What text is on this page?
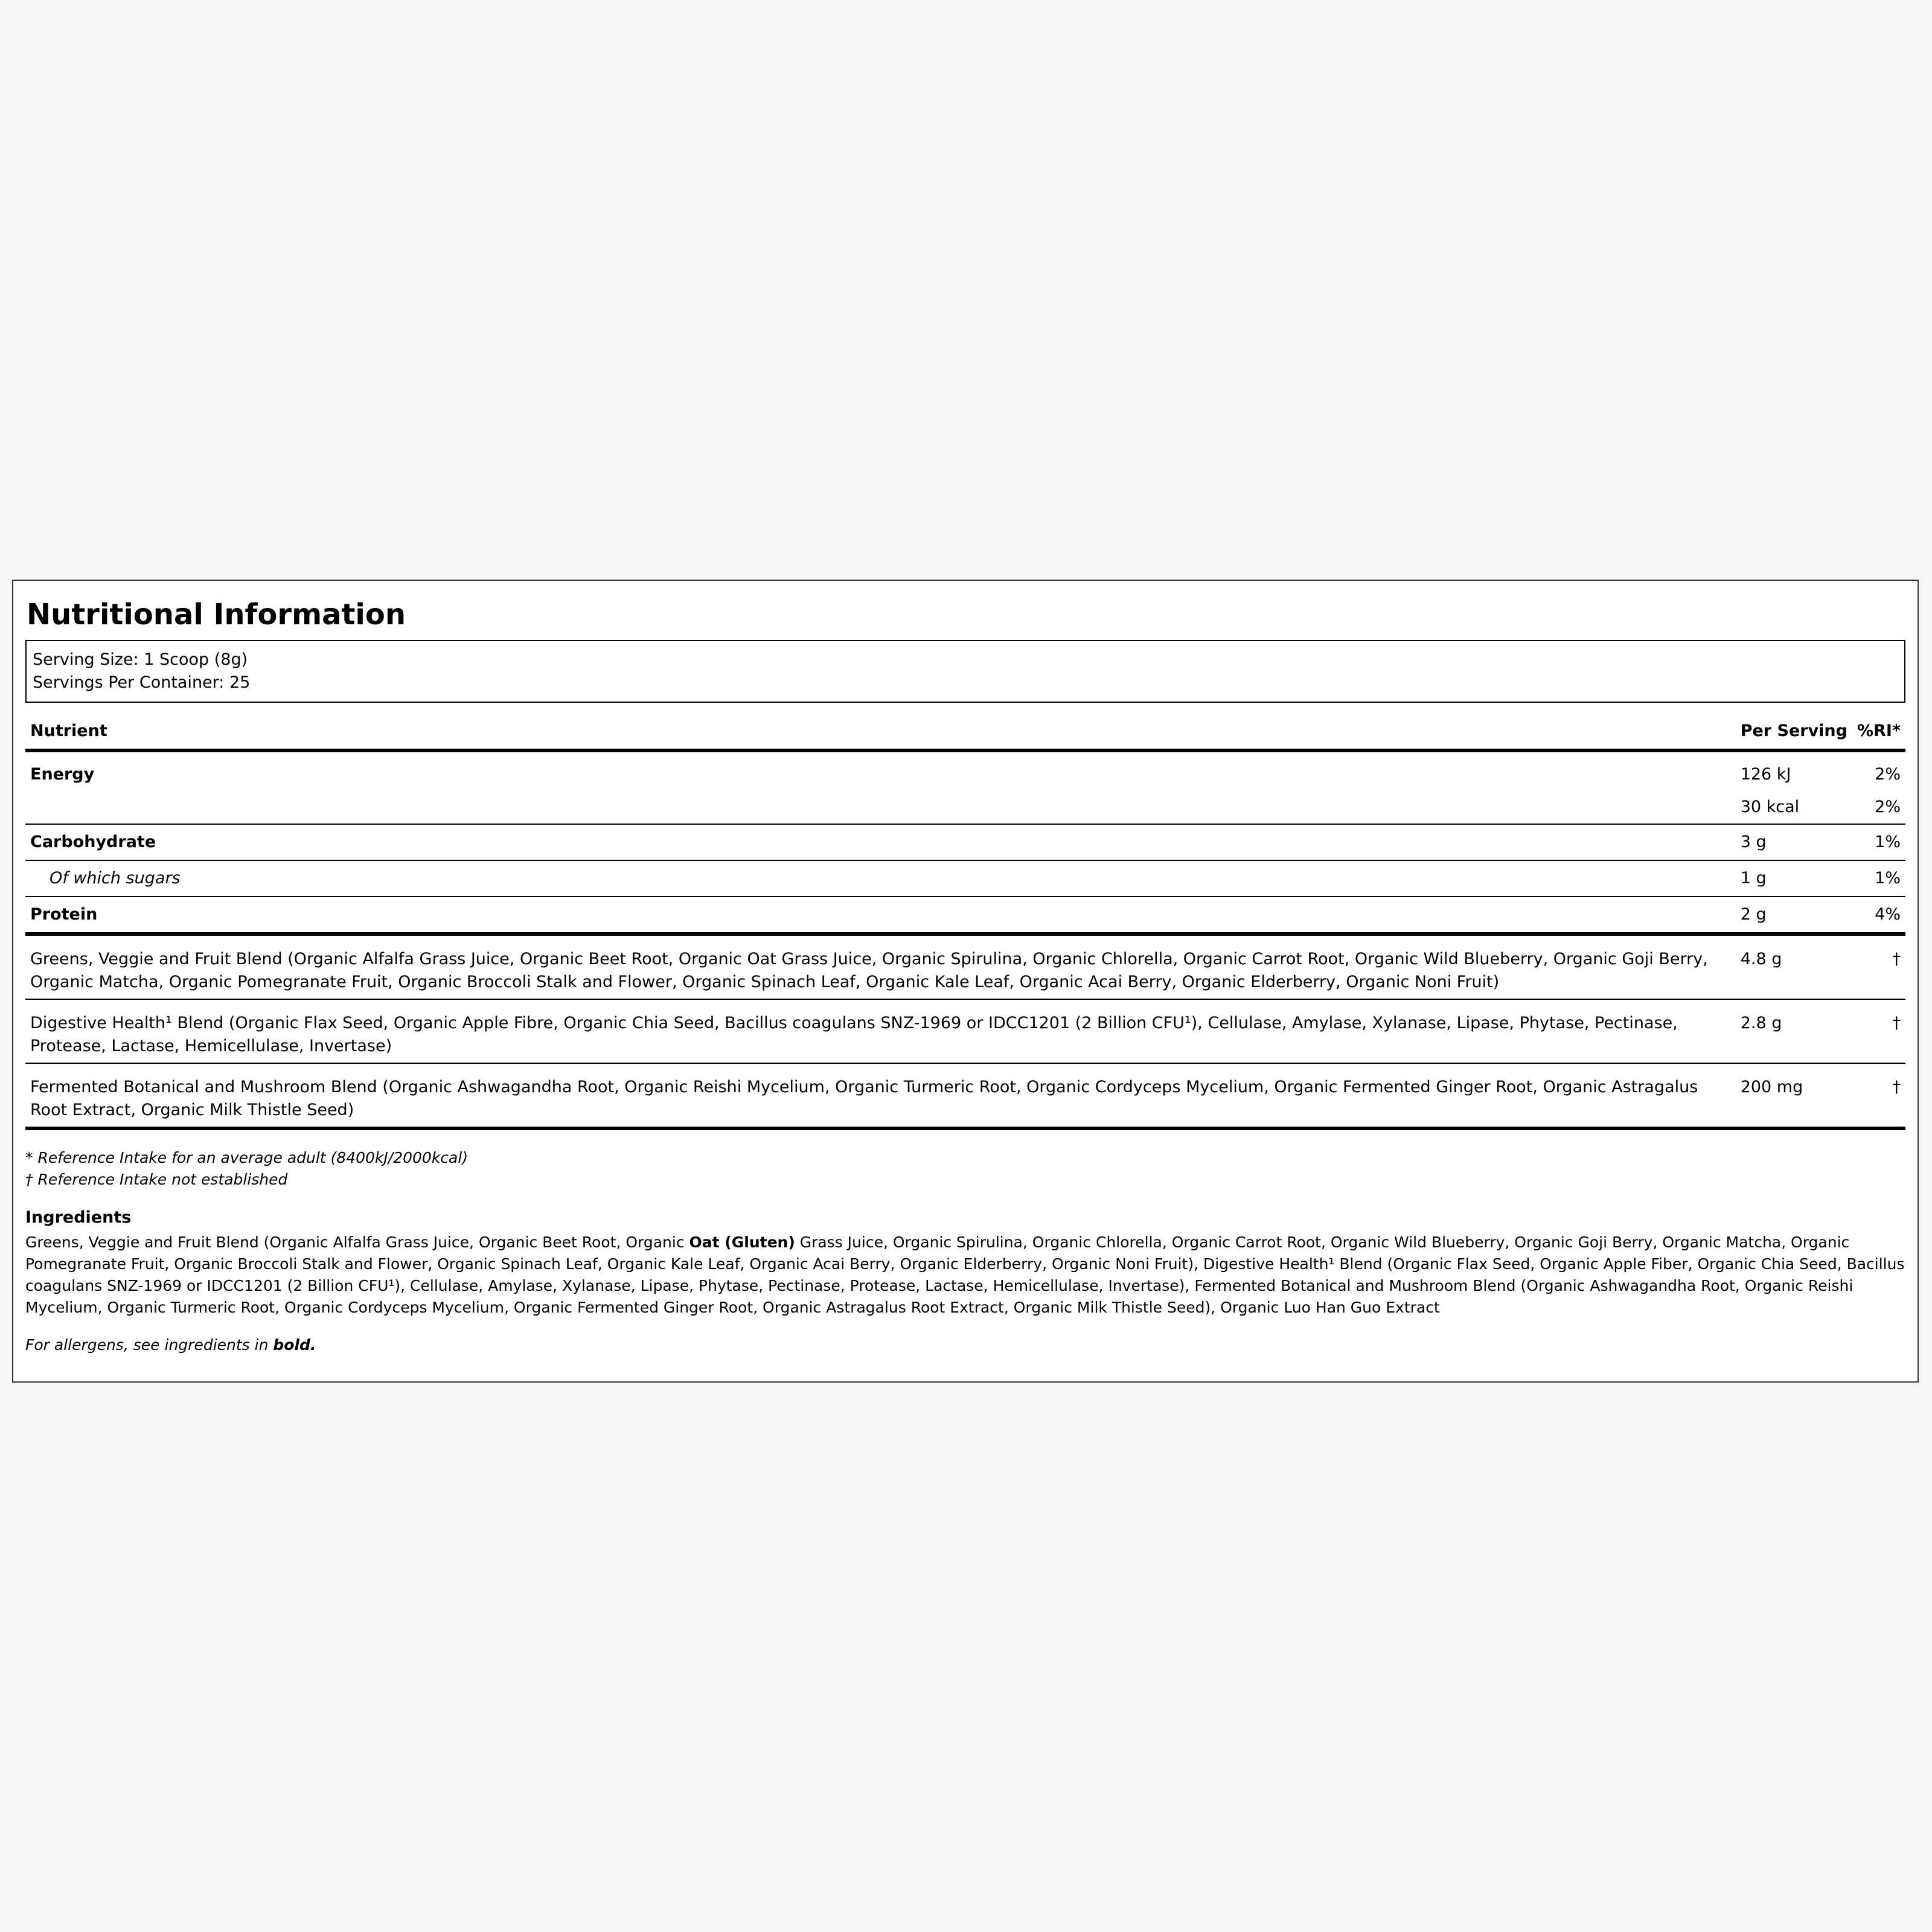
Nutritional Information
Serving Size: 1 Scoop (8g)
Servings Per Container: 25
Nutrient	Per Serving	%RI*
Energy	126 kJ	2%
	30 kcal	2%
Carbohydrate	3 g	1%
Of which sugars	1 g	1%
Protein	2 g	4%
Greens, Veggie and Fruit Blend (Organic Alfalfa Grass Juice, Organic Beet Root, Organic Oat Grass Juice, Organic Spirulina, Organic Chlorella, Organic Carrot Root, Organic Wild Blueberry, Organic Goji Berry, Organic Matcha, Organic Pomegranate Fruit, Organic Broccoli Stalk and Flower, Organic Spinach Leaf, Organic Kale Leaf, Organic Acai Berry, Organic Elderberry, Organic Noni Fruit)	4.8 g	†
Digestive Health¹ Blend (Organic Flax Seed, Organic Apple Fibre, Organic Chia Seed, Bacillus coagulans SNZ-1969 or IDCC1201 (2 Billion CFU¹), Cellulase, Amylase, Xylanase, Lipase, Phytase, Pectinase, Protease, Lactase, Hemicellulase, Invertase)	2.8 g	†
Fermented Botanical and Mushroom Blend (Organic Ashwagandha Root, Organic Reishi Mycelium, Organic Turmeric Root, Organic Cordyceps Mycelium, Organic Fermented Ginger Root, Organic Astragalus Root Extract, Organic Milk Thistle Seed)	200 mg	†
* Reference Intake for an average adult (8400kJ/2000kcal)
† Reference Intake not established
Ingredients
Greens, Veggie and Fruit Blend (Organic Alfalfa Grass Juice, Organic Beet Root, Organic Oat (Gluten) Grass Juice, Organic Spirulina, Organic Chlorella, Organic Carrot Root, Organic Wild Blueberry, Organic Goji Berry, Organic Matcha, Organic Pomegranate Fruit, Organic Broccoli Stalk and Flower, Organic Spinach Leaf, Organic Kale Leaf, Organic Acai Berry, Organic Elderberry, Organic Noni Fruit), Digestive Health¹ Blend (Organic Flax Seed, Organic Apple Fiber, Organic Chia Seed, Bacillus coagulans SNZ-1969 or IDCC1201 (2 Billion CFU¹), Cellulase, Amylase, Xylanase, Lipase, Phytase, Pectinase, Protease, Lactase, Hemicellulase, Invertase), Fermented Botanical and Mushroom Blend (Organic Ashwagandha Root, Organic Reishi Mycelium, Organic Turmeric Root, Organic Cordyceps Mycelium, Organic Fermented Ginger Root, Organic Astragalus Root Extract, Organic Milk Thistle Seed), Organic Luo Han Guo Extract
For allergens, see ingredients in bold.
